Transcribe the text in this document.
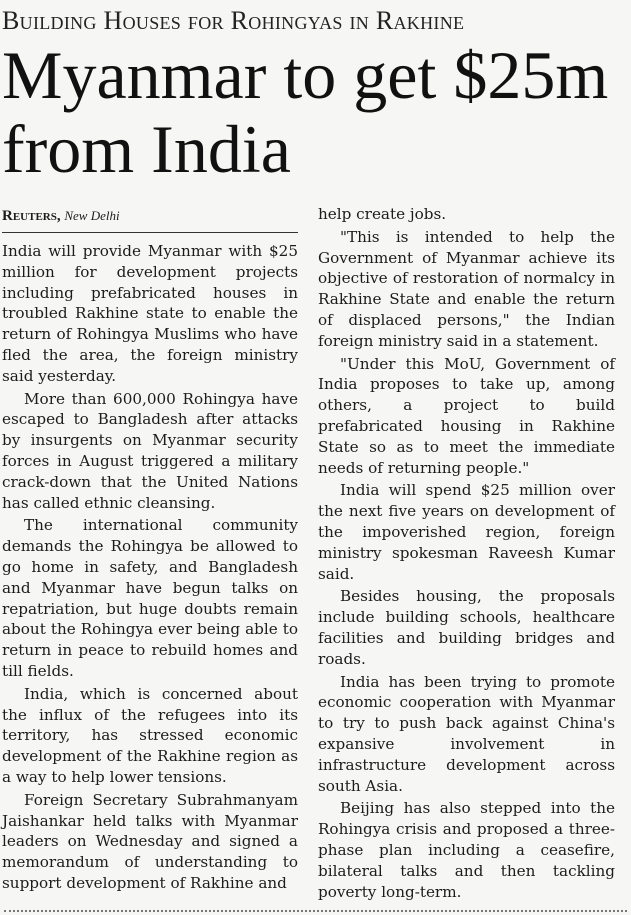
Building Houses for Rohingyas in Rakhine
Myanmar to get $25m from India
Reuters, New Delhi

India will provide Myanmar with $25 million for development projects including prefabricated houses in troubled Rakhine state to enable the return of Rohingya Muslims who have fled the area, the foreign ministry said yesterday.

More than 600,000 Rohingya have escaped to Bangladesh after attacks by insurgents on Myanmar security forces in August triggered a military crack-down that the United Nations has called ethnic cleansing.

The international community demands the Rohingya be allowed to go home in safety, and Bangladesh and Myanmar have begun talks on repatriation, but huge doubts remain about the Rohingya ever being able to return in peace to rebuild homes and till fields.

India, which is concerned about the influx of the refugees into its territory, has stressed economic development of the Rakhine region as a way to help lower tensions.

Foreign Secretary Subrahmanyam Jaishankar held talks with Myanmar leaders on Wednesday and signed a memorandum of understanding to support development of Rakhine and

help create jobs.

"This is intended to help the Government of Myanmar achieve its objective of restoration of normalcy in Rakhine State and enable the return of displaced persons," the Indian foreign ministry said in a statement.

"Under this MoU, Government of India proposes to take up, among others, a project to build prefabricated housing in Rakhine State so as to meet the immediate needs of returning people."

India will spend $25 million over the next five years on development of the impoverished region, foreign ministry spokesman Raveesh Kumar said.

Besides housing, the proposals include building schools, healthcare facilities and building bridges and roads.

India has been trying to promote economic cooperation with Myanmar to try to push back against China's expansive involvement in infrastructure development across south Asia.

Beijing has also stepped into the Rohingya crisis and proposed a three-phase plan including a ceasefire, bilateral talks and then tackling poverty long-term.
